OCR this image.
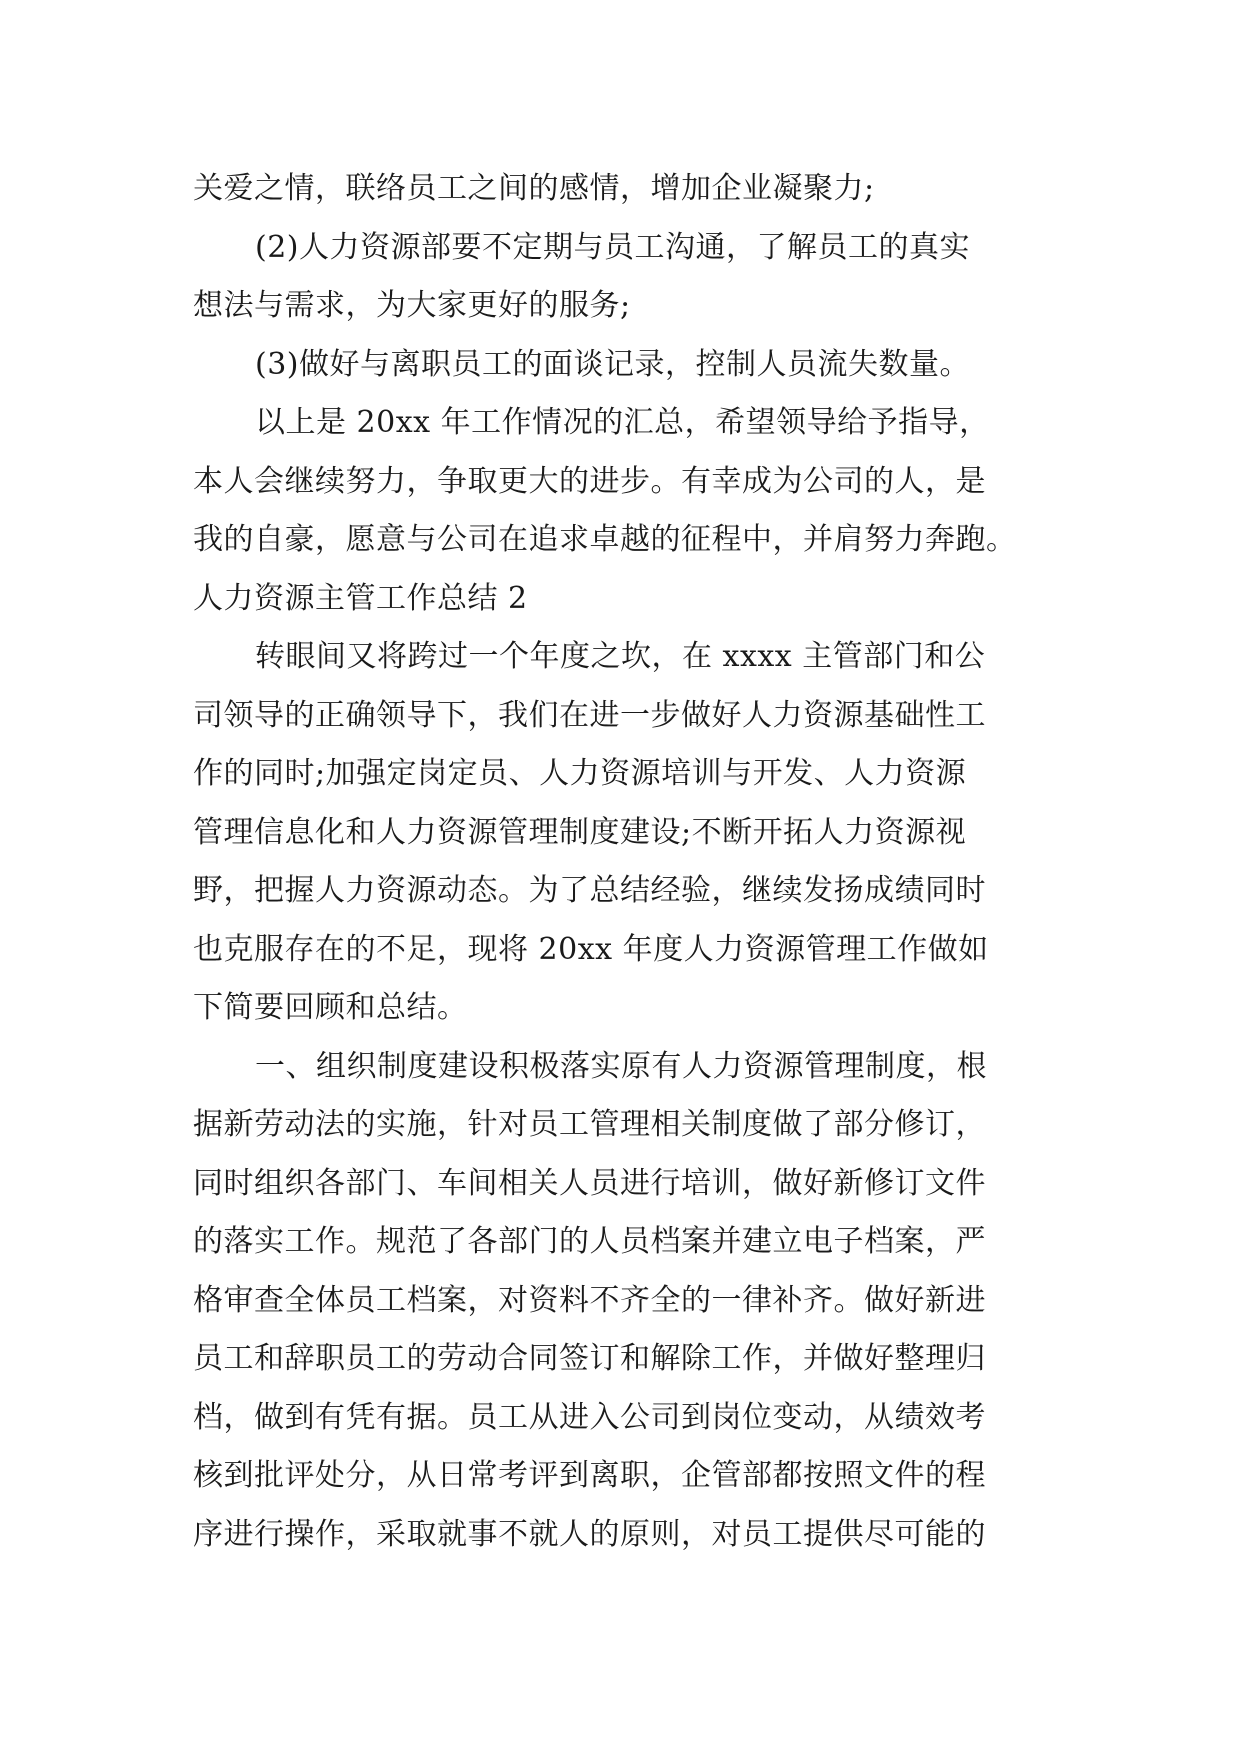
关爱之情，联络员工之间的感情，增加企业凝聚力;
(2)人力资源部要不定期与员工沟通，了解员工的真实
想法与需求，为大家更好的服务;
(3)做好与离职员工的面谈记录，控制人员流失数量。
以上是 20xx 年工作情况的汇总，希望领导给予指导，
本人会继续努力，争取更大的进步。有幸成为公司的人，是
我的自豪，愿意与公司在追求卓越的征程中，并肩努力奔跑。
人力资源主管工作总结 2
转眼间又将跨过一个年度之坎，在 xxxx 主管部门和公
司领导的正确领导下，我们在进一步做好人力资源基础性工
作的同时;加强定岗定员、人力资源培训与开发、人力资源
管理信息化和人力资源管理制度建设;不断开拓人力资源视
野，把握人力资源动态。为了总结经验，继续发扬成绩同时
也克服存在的不足，现将 20xx 年度人力资源管理工作做如
下简要回顾和总结。
一、组织制度建设积极落实原有人力资源管理制度，根
据新劳动法的实施，针对员工管理相关制度做了部分修订，
同时组织各部门、车间相关人员进行培训，做好新修订文件
的落实工作。规范了各部门的人员档案并建立电子档案，严
格审查全体员工档案，对资料不齐全的一律补齐。做好新进
员工和辞职员工的劳动合同签订和解除工作，并做好整理归
档，做到有凭有据。员工从进入公司到岗位变动，从绩效考
核到批评处分，从日常考评到离职，企管部都按照文件的程
序进行操作，采取就事不就人的原则，对员工提供尽可能的
